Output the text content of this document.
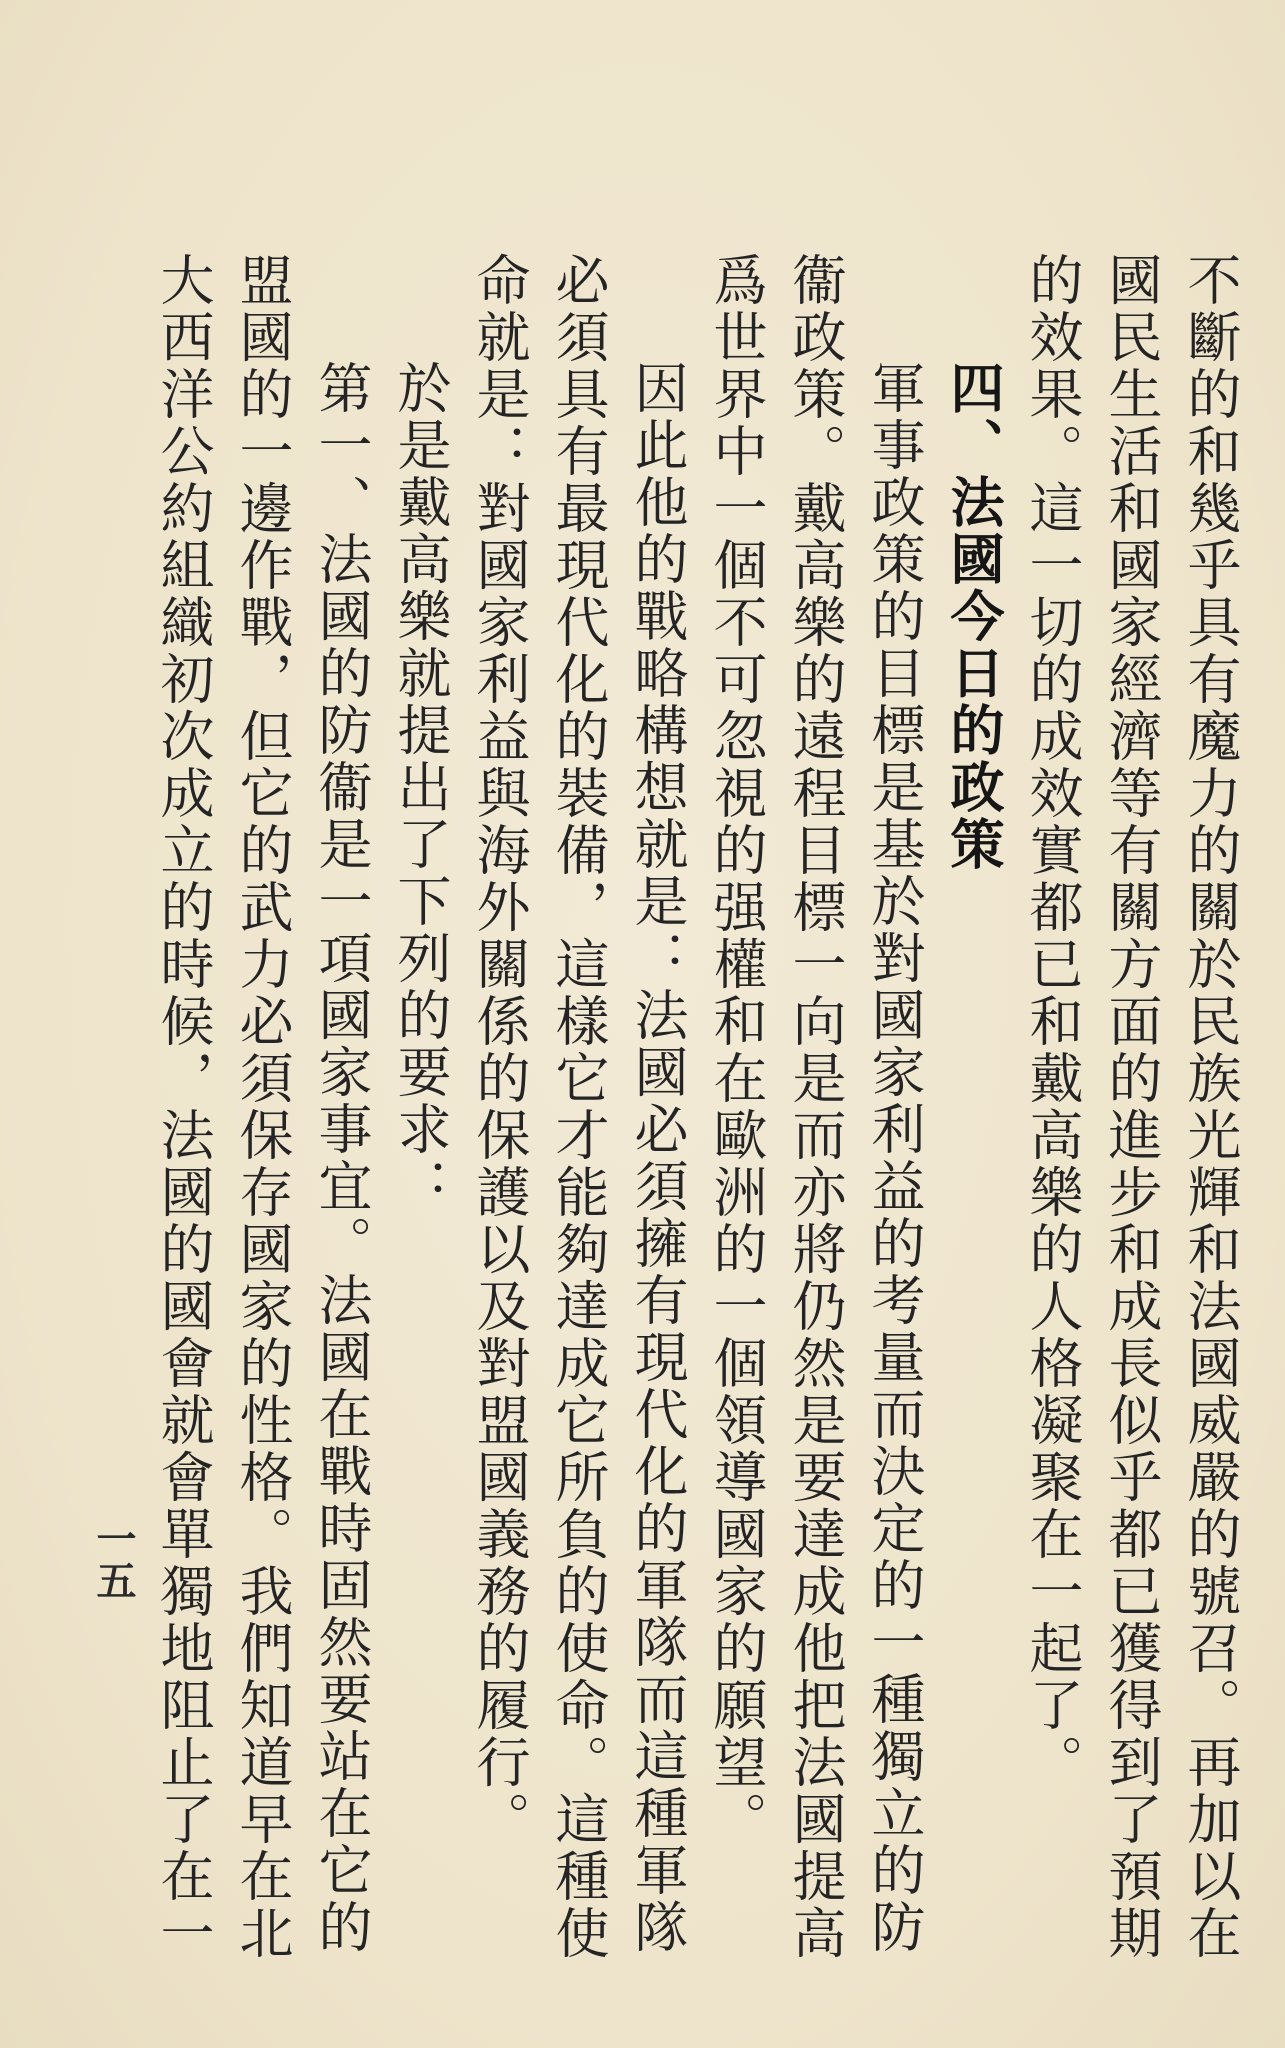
不斷的和幾乎具有魔力的關於民族光輝和法國威嚴的號召。再加以在
國民生活和國家經濟等有關方面的進步和成長似乎都已獲得到了預期
的效果。這一切的成效實都已和戴高樂的人格凝聚在一起了。
四、法國今日的政策
軍事政策的目標是基於對國家利益的考量而決定的一種獨立的防
衞政策。戴高樂的遠程目標一向是而亦將仍然是要達成他把法國提高
爲世界中一個不可忽視的强權和在歐洲的一個領導國家的願望。
因此他的戰略構想就是：法國必須擁有現代化的軍隊而這種軍隊
必須具有最現代化的裝備，這樣它才能夠達成它所負的使命。這種使
命就是：對國家利益與海外關係的保護以及對盟國義務的履行。
於是戴高樂就提出了下列的要求：
第一、法國的防衞是一項國家事宜。法國在戰時固然要站在它的
盟國的一邊作戰，但它的武力必須保存國家的性格。我們知道早在北
大西洋公約組織初次成立的時候，法國的國會就會單獨地阻止了在一
一五
